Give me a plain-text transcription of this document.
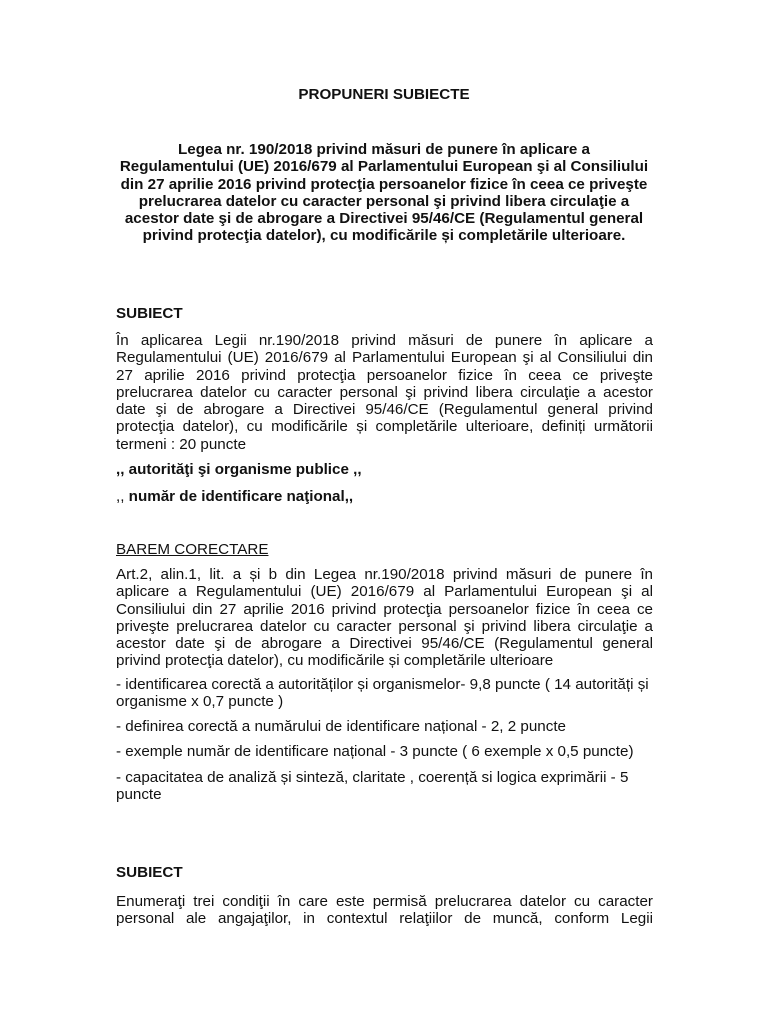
PROPUNERI SUBIECTE
Legea nr. 190/2018 privind măsuri de punere în aplicare a
Regulamentului (UE) 2016/679 al Parlamentului European şi al Consiliului
din 27 aprilie 2016 privind protecţia persoanelor fizice în ceea ce priveşte
prelucrarea datelor cu caracter personal şi privind libera circulaţie a
acestor date şi de abrogare a Directivei 95/46/CE (Regulamentul general
privind protecţia datelor), cu modificările și completările ulterioare.
SUBIECT
În aplicarea Legii nr.190/2018 privind măsuri de punere în aplicare a
Regulamentului (UE) 2016/679 al Parlamentului European şi al Consiliului din
27 aprilie 2016 privind protecţia persoanelor fizice în ceea ce priveşte
prelucrarea datelor cu caracter personal şi privind libera circulaţie a acestor
date şi de abrogare a Directivei 95/46/CE (Regulamentul general privind
protecţia datelor), cu modificările și completările ulterioare, definiți următorii
termeni : 20 puncte
,, autorităţi şi organisme publice ,,
,, număr de identificare naţional,,
BAREM CORECTARE
Art.2, alin.1, lit. a și b din Legea nr.190/2018 privind măsuri de punere în
aplicare a Regulamentului (UE) 2016/679 al Parlamentului European şi al
Consiliului din 27 aprilie 2016 privind protecţia persoanelor fizice în ceea ce
priveşte prelucrarea datelor cu caracter personal şi privind libera circulaţie a
acestor date şi de abrogare a Directivei 95/46/CE (Regulamentul general
privind protecţia datelor), cu modificările și completările ulterioare
- identificarea corectă a autorităților și organismelor- 9,8 puncte ( 14 autorități și
organisme x 0,7 puncte )
- definirea corectă a numărului de identificare național - 2, 2 puncte
- exemple număr de identificare național - 3 puncte ( 6 exemple x 0,5 puncte)
- capacitatea de analiză și sinteză, claritate , coerență si logica exprimării - 5
puncte
SUBIECT
Enumeraţi trei condiţii în care este permisă prelucrarea datelor cu caracter
personal ale angajaţilor, in contextul relaţiilor de muncă, conform Legii
